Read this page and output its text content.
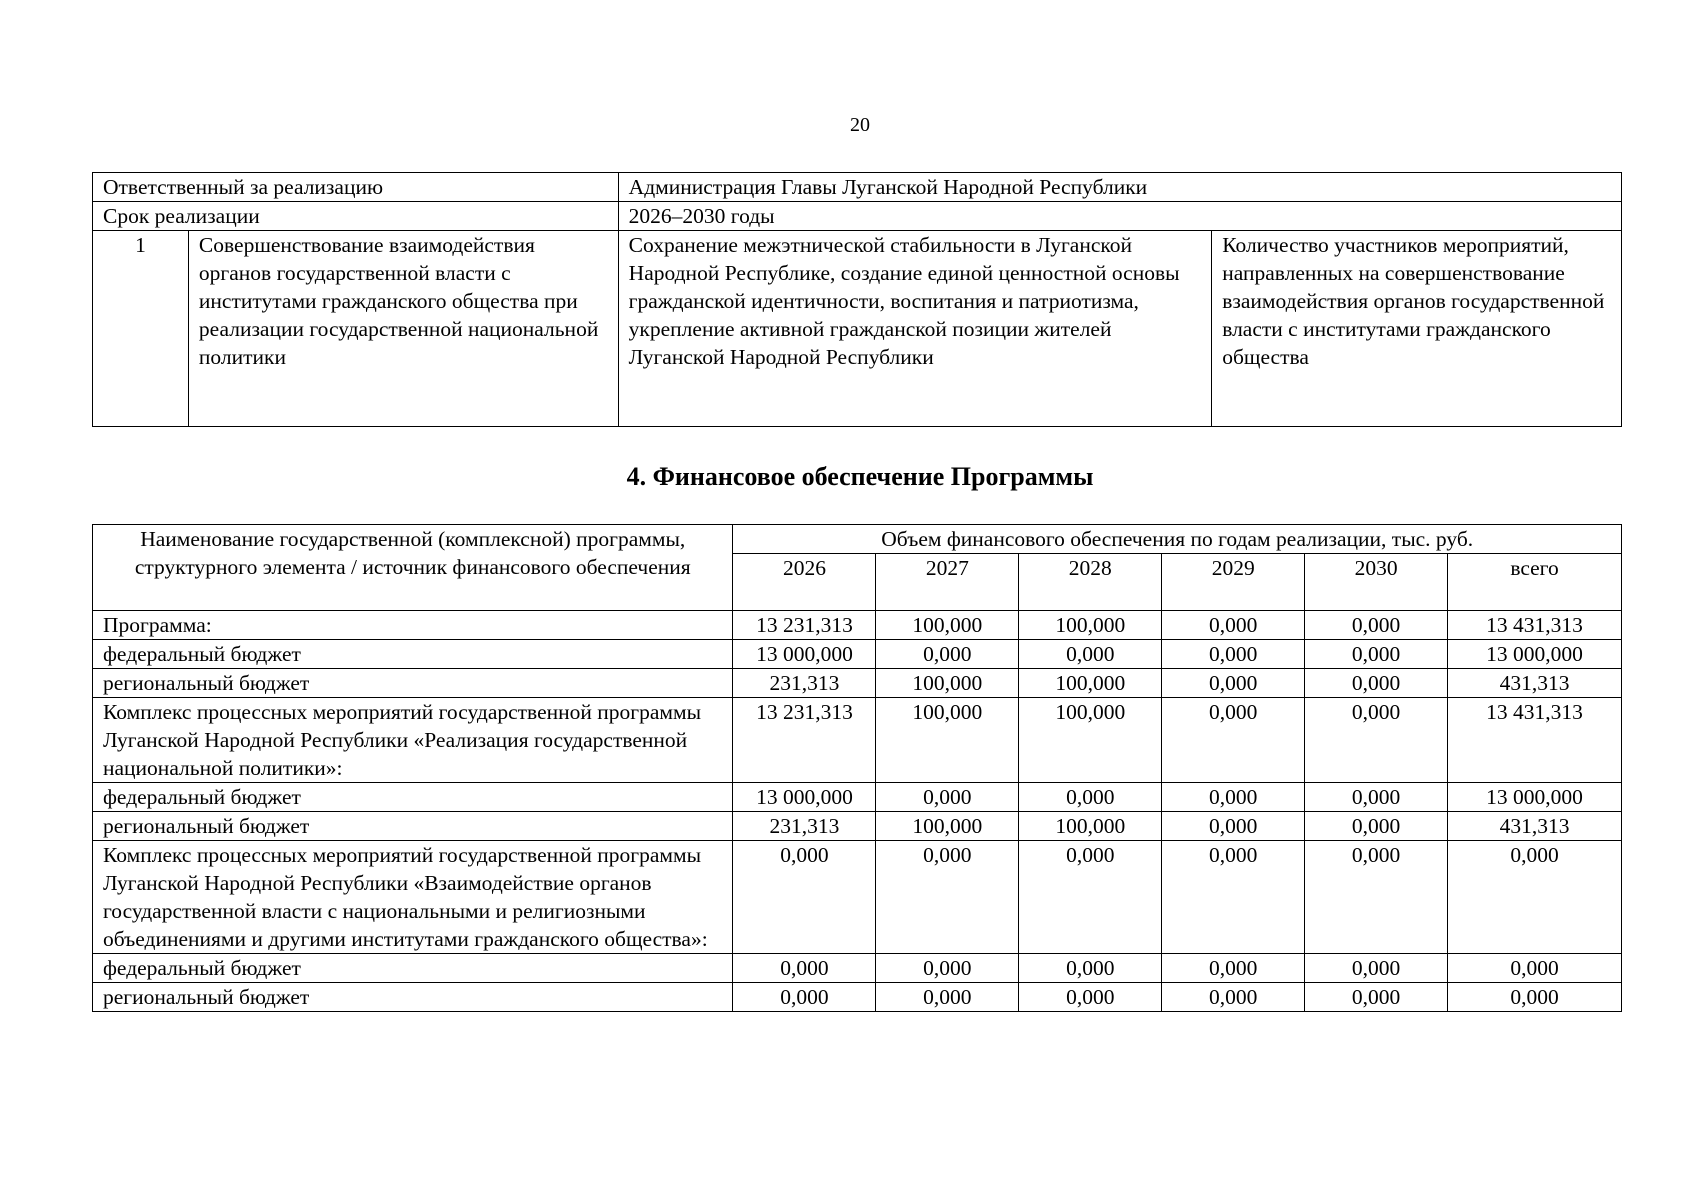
20
Ответственный за реализацию		Администрация Главы Луганской Народной Республики	
Срок реализации		2026–2030 годы	
1	Совершенствование взаимодействия органов государственной власти с институтами гражданского общества при реализации государственной национальной политики	Сохранение межэтнической стабильности в Луганской Народной Республике, создание единой ценностной основы гражданской идентичности, воспитания и патриотизма, укрепление активной гражданской позиции жителей Луганской Народной Республики	Количество участников мероприятий, направленных на совершенствование взаимодействия органов государственной власти с институтами гражданского общества
4. Финансовое обеспечение Программы
Наименование государственной (комплексной) программы, структурного элемента / источник финансового обеспечения	Объем финансового обеспечения по годам реализации, тыс. руб.					
	2026	2027	2028	2029	2030	всего
Программа:	13 231,313	100,000	100,000	0,000	0,000	13 431,313
федеральный бюджет	13 000,000	0,000	0,000	0,000	0,000	13 000,000
региональный бюджет	231,313	100,000	100,000	0,000	0,000	431,313
Комплекс процессных мероприятий государственной программы Луганской Народной Республики «Реализация государственной национальной политики»:	13 231,313	100,000	100,000	0,000	0,000	13 431,313
федеральный бюджет	13 000,000	0,000	0,000	0,000	0,000	13 000,000
региональный бюджет	231,313	100,000	100,000	0,000	0,000	431,313
Комплекс процессных мероприятий государственной программы Луганской Народной Республики «Взаимодействие органов государственной власти с национальными и религиозными объединениями и другими институтами гражданского общества»:	0,000	0,000	0,000	0,000	0,000	0,000
федеральный бюджет	0,000	0,000	0,000	0,000	0,000	0,000
региональный бюджет	0,000	0,000	0,000	0,000	0,000	0,000
